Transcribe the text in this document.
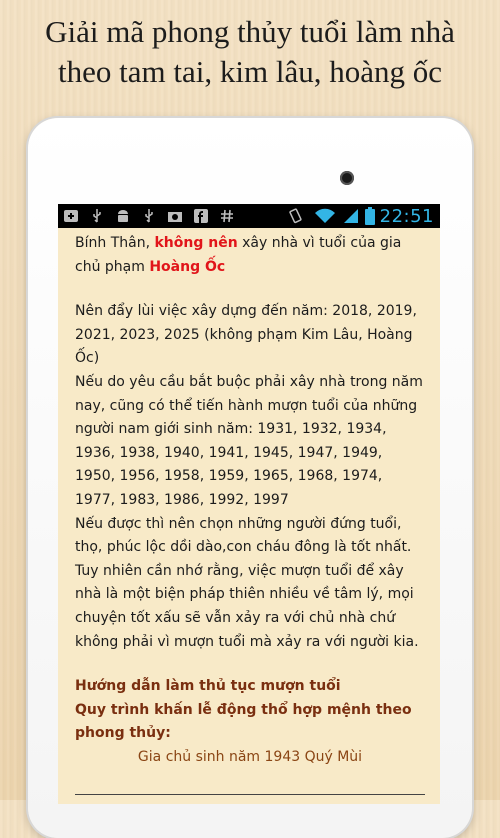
Giải mã phong thủy tuổi làm nhà
theo tam tai, kim lâu, hoàng ốc
22:51

Bính Thân, không nên xây nhà vì tuổi của gia chủ phạm Hoàng Ốc

Nên đẩy lùi việc xây dựng đến năm: 2018, 2019, 2021, 2023, 2025 (không phạm Kim Lâu, Hoàng Ốc)

Nếu do yêu cầu bắt buộc phải xây nhà trong năm nay, cũng có thể tiến hành mượn tuổi của những người nam giới sinh năm: 1931, 1932, 1934, 1936, 1938, 1940, 1941, 1945, 1947, 1949, 1950, 1956, 1958, 1959, 1965, 1968, 1974, 1977, 1983, 1986, 1992, 1997

Nếu được thì nên chọn những người đứng tuổi, thọ, phúc lộc dồi dào,con cháu đông là tốt nhất. Tuy nhiên cần nhớ rằng, việc mượn tuổi để xây nhà là một biện pháp thiên nhiều về tâm lý, mọi chuyện tốt xấu sẽ vẫn xảy ra với chủ nhà chứ không phải vì mượn tuổi mà xảy ra với người kia.

Hướng dẫn làm thủ tục mượn tuổi

Quy trình khấn lễ động thổ hợp mệnh theo phong thủy:

Gia chủ sinh năm 1943 Quý Mùi
